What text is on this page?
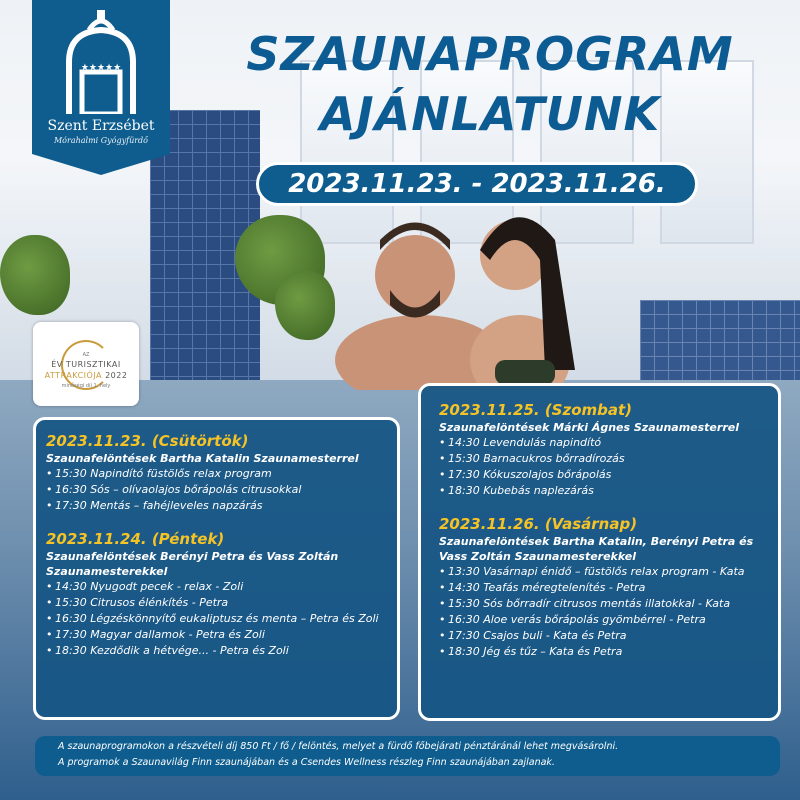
★★★★★
Szent Erzsébet
Mórahalmi Gyógyfürdő
SZAUNAPROGRAM
AJÁNLATUNK
2023.11.23. - 2023.11.26.
AZ
ÉV TURISZTIKAI
ATTRAKCIÓJA 2022
minőségi díj 1. hely

2023.11.23. (Csütörtök)

Szaunafelöntések Bartha Katalin Szaunamesterrel

• 15:30 Napindító füstölős relax program
• 16:30 Sós – olívaolajos bőrápolás citrusokkal
• 17:30 Mentás – fahéjleveles napzárás

2023.11.24. (Péntek)

Szaunafelöntések Berényi Petra és Vass Zoltán Szaunamesterekkel

• 14:30 Nyugodt pecek - relax - Zoli
• 15:30 Citrusos élénkítés - Petra
• 16:30 Légzéskönnyítő eukaliptusz és menta – Petra és Zoli
• 17:30 Magyar dallamok - Petra és Zoli
• 18:30 Kezdődik a hétvége... - Petra és Zoli

2023.11.25. (Szombat)

Szaunafelöntések Márki Ágnes Szaunamesterrel

• 14:30 Levendulás napindító
• 15:30 Barnacukros bőrradírozás
• 17:30 Kókuszolajos bőrápolás
• 18:30 Kubebás naplezárás

2023.11.26. (Vasárnap)

Szaunafelöntések Bartha Katalin, Berényi Petra és Vass Zoltán Szaunamesterekkel

• 13:30 Vasárnapi énidő – füstölős relax program - Kata
• 14:30 Teafás méregtelenítés - Petra
• 15:30 Sós bőrradír citrusos mentás illatokkal - Kata
• 16:30 Aloe verás bőrápolás gyömbérrel - Petra
• 17:30 Csajos buli - Kata és Petra
• 18:30 Jég és tűz – Kata és Petra
A szaunaprogramokon a részvételi díj 850 Ft / fő / felöntés, melyet a fürdő főbejárati pénztáránál lehet megvásárolni.
A programok a Szaunavilág Finn szaunájában és a Csendes Wellness részleg Finn szaunájában zajlanak.
